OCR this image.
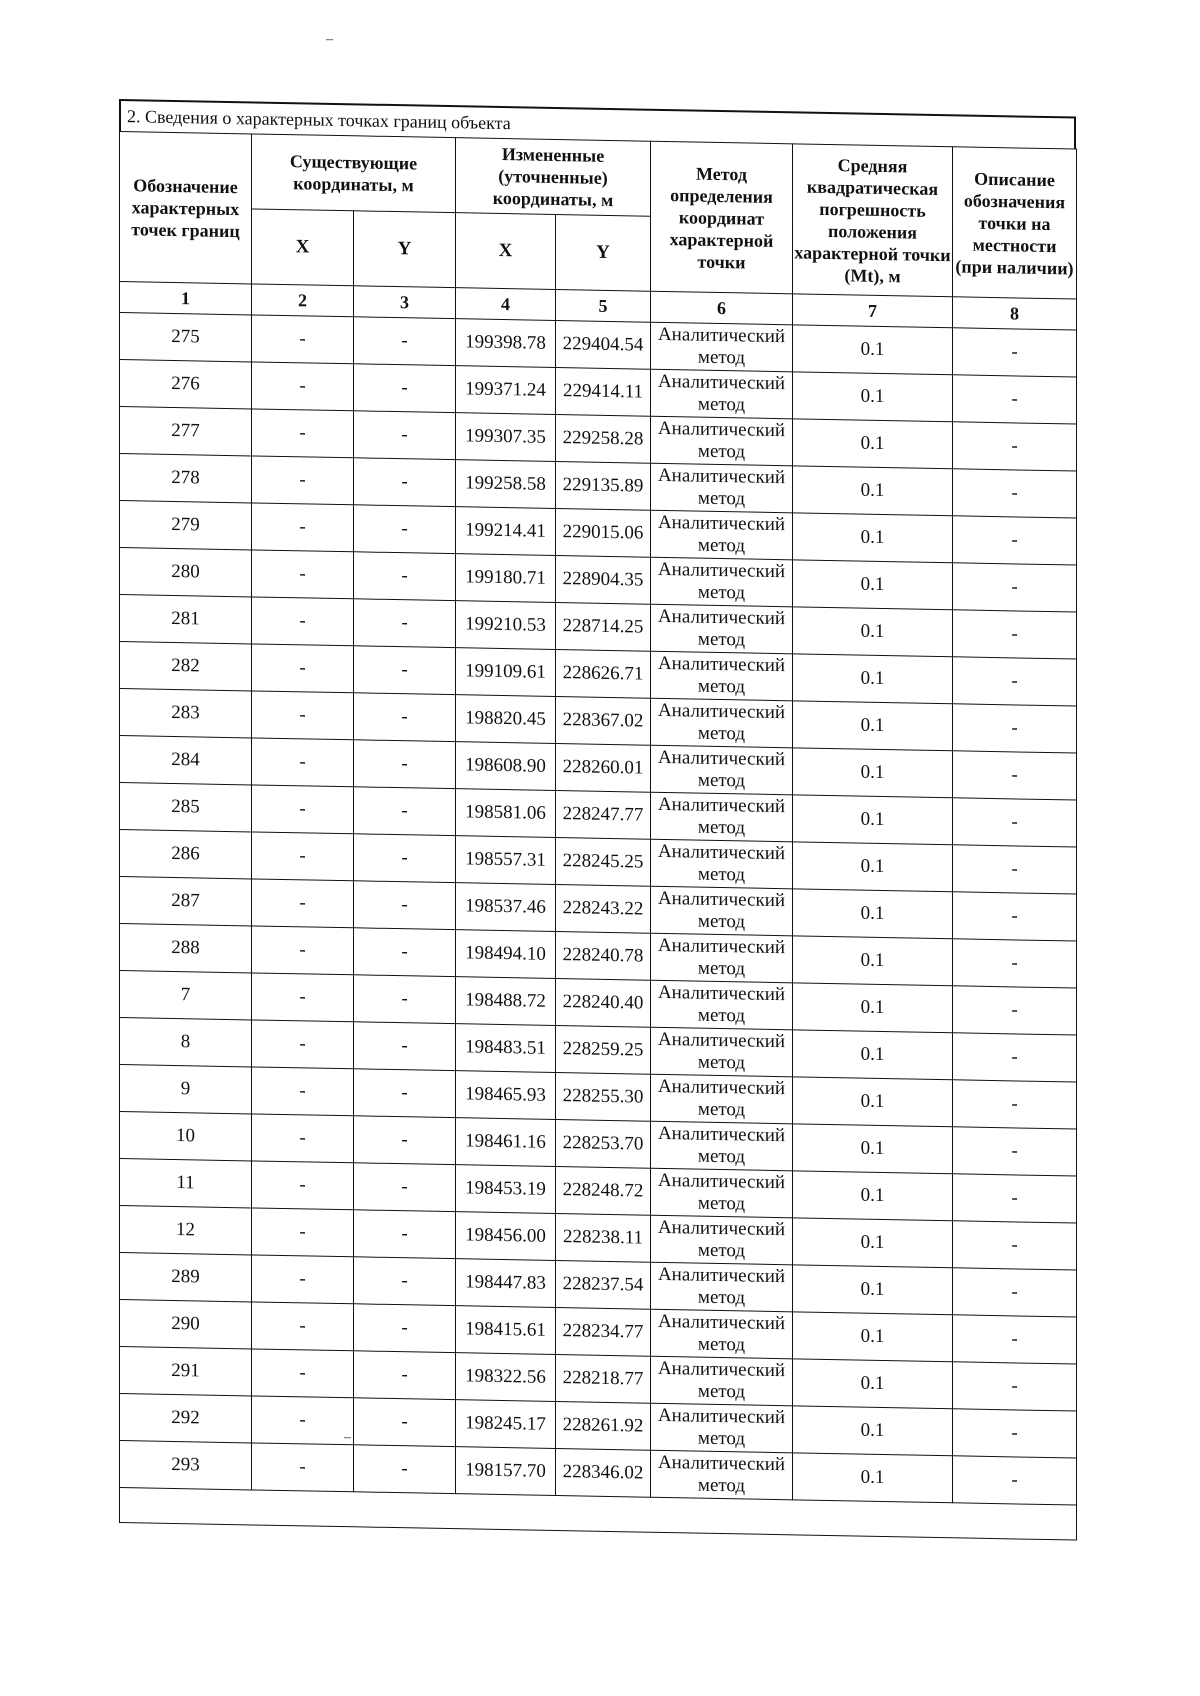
2. Сведения о характерных точках границ объекта
Обозначение характерных точек границ	Существующие координаты, м		Измененные (уточненные) координаты, м		Метод определения координат характерной точки	Средняя квадратическая погрешность положения характерной точки (Mt), м	Описание обозначения точки на местности (при наличии)
	X	Y	X	Y			
1	2	3	4	5	6	7	8
275	-	-	199398.78	229404.54	Аналитический метод	0.1	-
276	-	-	199371.24	229414.11	Аналитический метод	0.1	-
277	-	-	199307.35	229258.28	Аналитический метод	0.1	-
278	-	-	199258.58	229135.89	Аналитический метод	0.1	-
279	-	-	199214.41	229015.06	Аналитический метод	0.1	-
280	-	-	199180.71	228904.35	Аналитический метод	0.1	-
281	-	-	199210.53	228714.25	Аналитический метод	0.1	-
282	-	-	199109.61	228626.71	Аналитический метод	0.1	-
283	-	-	198820.45	228367.02	Аналитический метод	0.1	-
284	-	-	198608.90	228260.01	Аналитический метод	0.1	-
285	-	-	198581.06	228247.77	Аналитический метод	0.1	-
286	-	-	198557.31	228245.25	Аналитический метод	0.1	-
287	-	-	198537.46	228243.22	Аналитический метод	0.1	-
288	-	-	198494.10	228240.78	Аналитический метод	0.1	-
7	-	-	198488.72	228240.40	Аналитический метод	0.1	-
8	-	-	198483.51	228259.25	Аналитический метод	0.1	-
9	-	-	198465.93	228255.30	Аналитический метод	0.1	-
10	-	-	198461.16	228253.70	Аналитический метод	0.1	-
11	-	-	198453.19	228248.72	Аналитический метод	0.1	-
12	-	-	198456.00	228238.11	Аналитический метод	0.1	-
289	-	-	198447.83	228237.54	Аналитический метод	0.1	-
290	-	-	198415.61	228234.77	Аналитический метод	0.1	-
291	-	-	198322.56	228218.77	Аналитический метод	0.1	-
292	-	-	198245.17	228261.92	Аналитический метод	0.1	-
293	-	-	198157.70	228346.02	Аналитический метод	0.1	-

–
–
